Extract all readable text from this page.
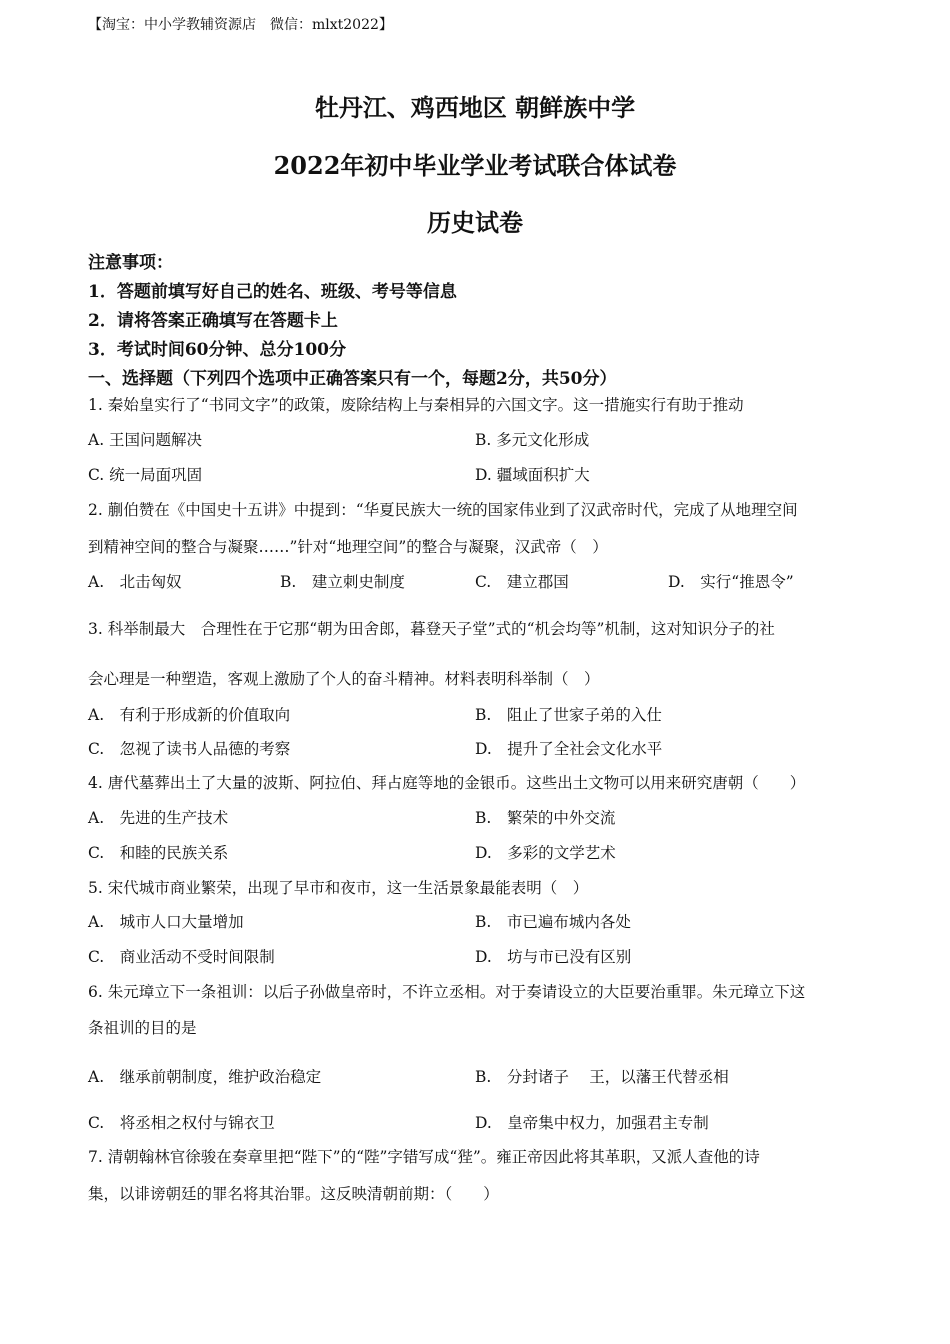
【淘宝：中小学教辅资源店　微信：mlxt2022】
牡丹江、鸡西地区 朝鲜族中学
2022年初中毕业学业考试联合体试卷
历史试卷
注意事项：
1．答题前填写好自己的姓名、班级、考号等信息
2．请将答案正确填写在答题卡上
3．考试时间60分钟、总分100分
一、选择题（下列四个选项中正确答案只有一个，每题2分，共50分）
1. 秦始皇实行了“书同文字”的政策，废除结构上与秦相异的六国文字。这一措施实行有助于推动
A. 王国问题解决	B. 多元文化形成
C. 统一局面巩固	D. 疆域面积扩大
2. 蒯伯赞在《中国史十五讲》中提到：“华夏民族大一统的国家伟业到了汉武帝时代，完成了从地理空间
到精神空间的整合与凝聚……”针对“地理空间”的整合与凝聚，汉武帝（　）
A.　北击匈奴	B.　建立刺史制度	C.　建立郡国	D.　实行“推恩令”
3. 科举制最大　合理性在于它那“朝为田舍郎，暮登天子堂”式的“机会均等”机制，这对知识分子的社
会心理是一种塑造，客观上激励了个人的奋斗精神。材料表明科举制（　）
A.　有利于形成新的价值取向	B.　阻止了世家子弟的入仕
C.　忽视了读书人品德的考察	D.　提升了全社会文化水平
4. 唐代墓葬出土了大量的波斯、阿拉伯、拜占庭等地的金银币。这些出土文物可以用来研究唐朝（　　）
A.　先进的生产技术	B.　繁荣的中外交流
C.　和睦的民族关系	D.　多彩的文学艺术
5. 宋代城市商业繁荣，出现了早市和夜市，这一生活景象最能表明（　）
A.　城市人口大量增加	B.　市已遍布城内各处
C.　商业活动不受时间限制	D.　坊与市已没有区别
6. 朱元璋立下一条祖训：以后子孙做皇帝时，不许立丞相。对于奏请设立的大臣要治重罪。朱元璋立下这
条祖训的目的是
A.　继承前朝制度，维护政治稳定	B.　分封诸子　 王，以藩王代替丞相
C.　将丞相之权付与锦衣卫	D.　皇帝集中权力，加强君主专制
7. 清朝翰林官徐骏在奏章里把“陛下”的“陛”字错写成“狴”。雍正帝因此将其革职，又派人查他的诗
集，以诽谤朝廷的罪名将其治罪。这反映清朝前期：（　　）
